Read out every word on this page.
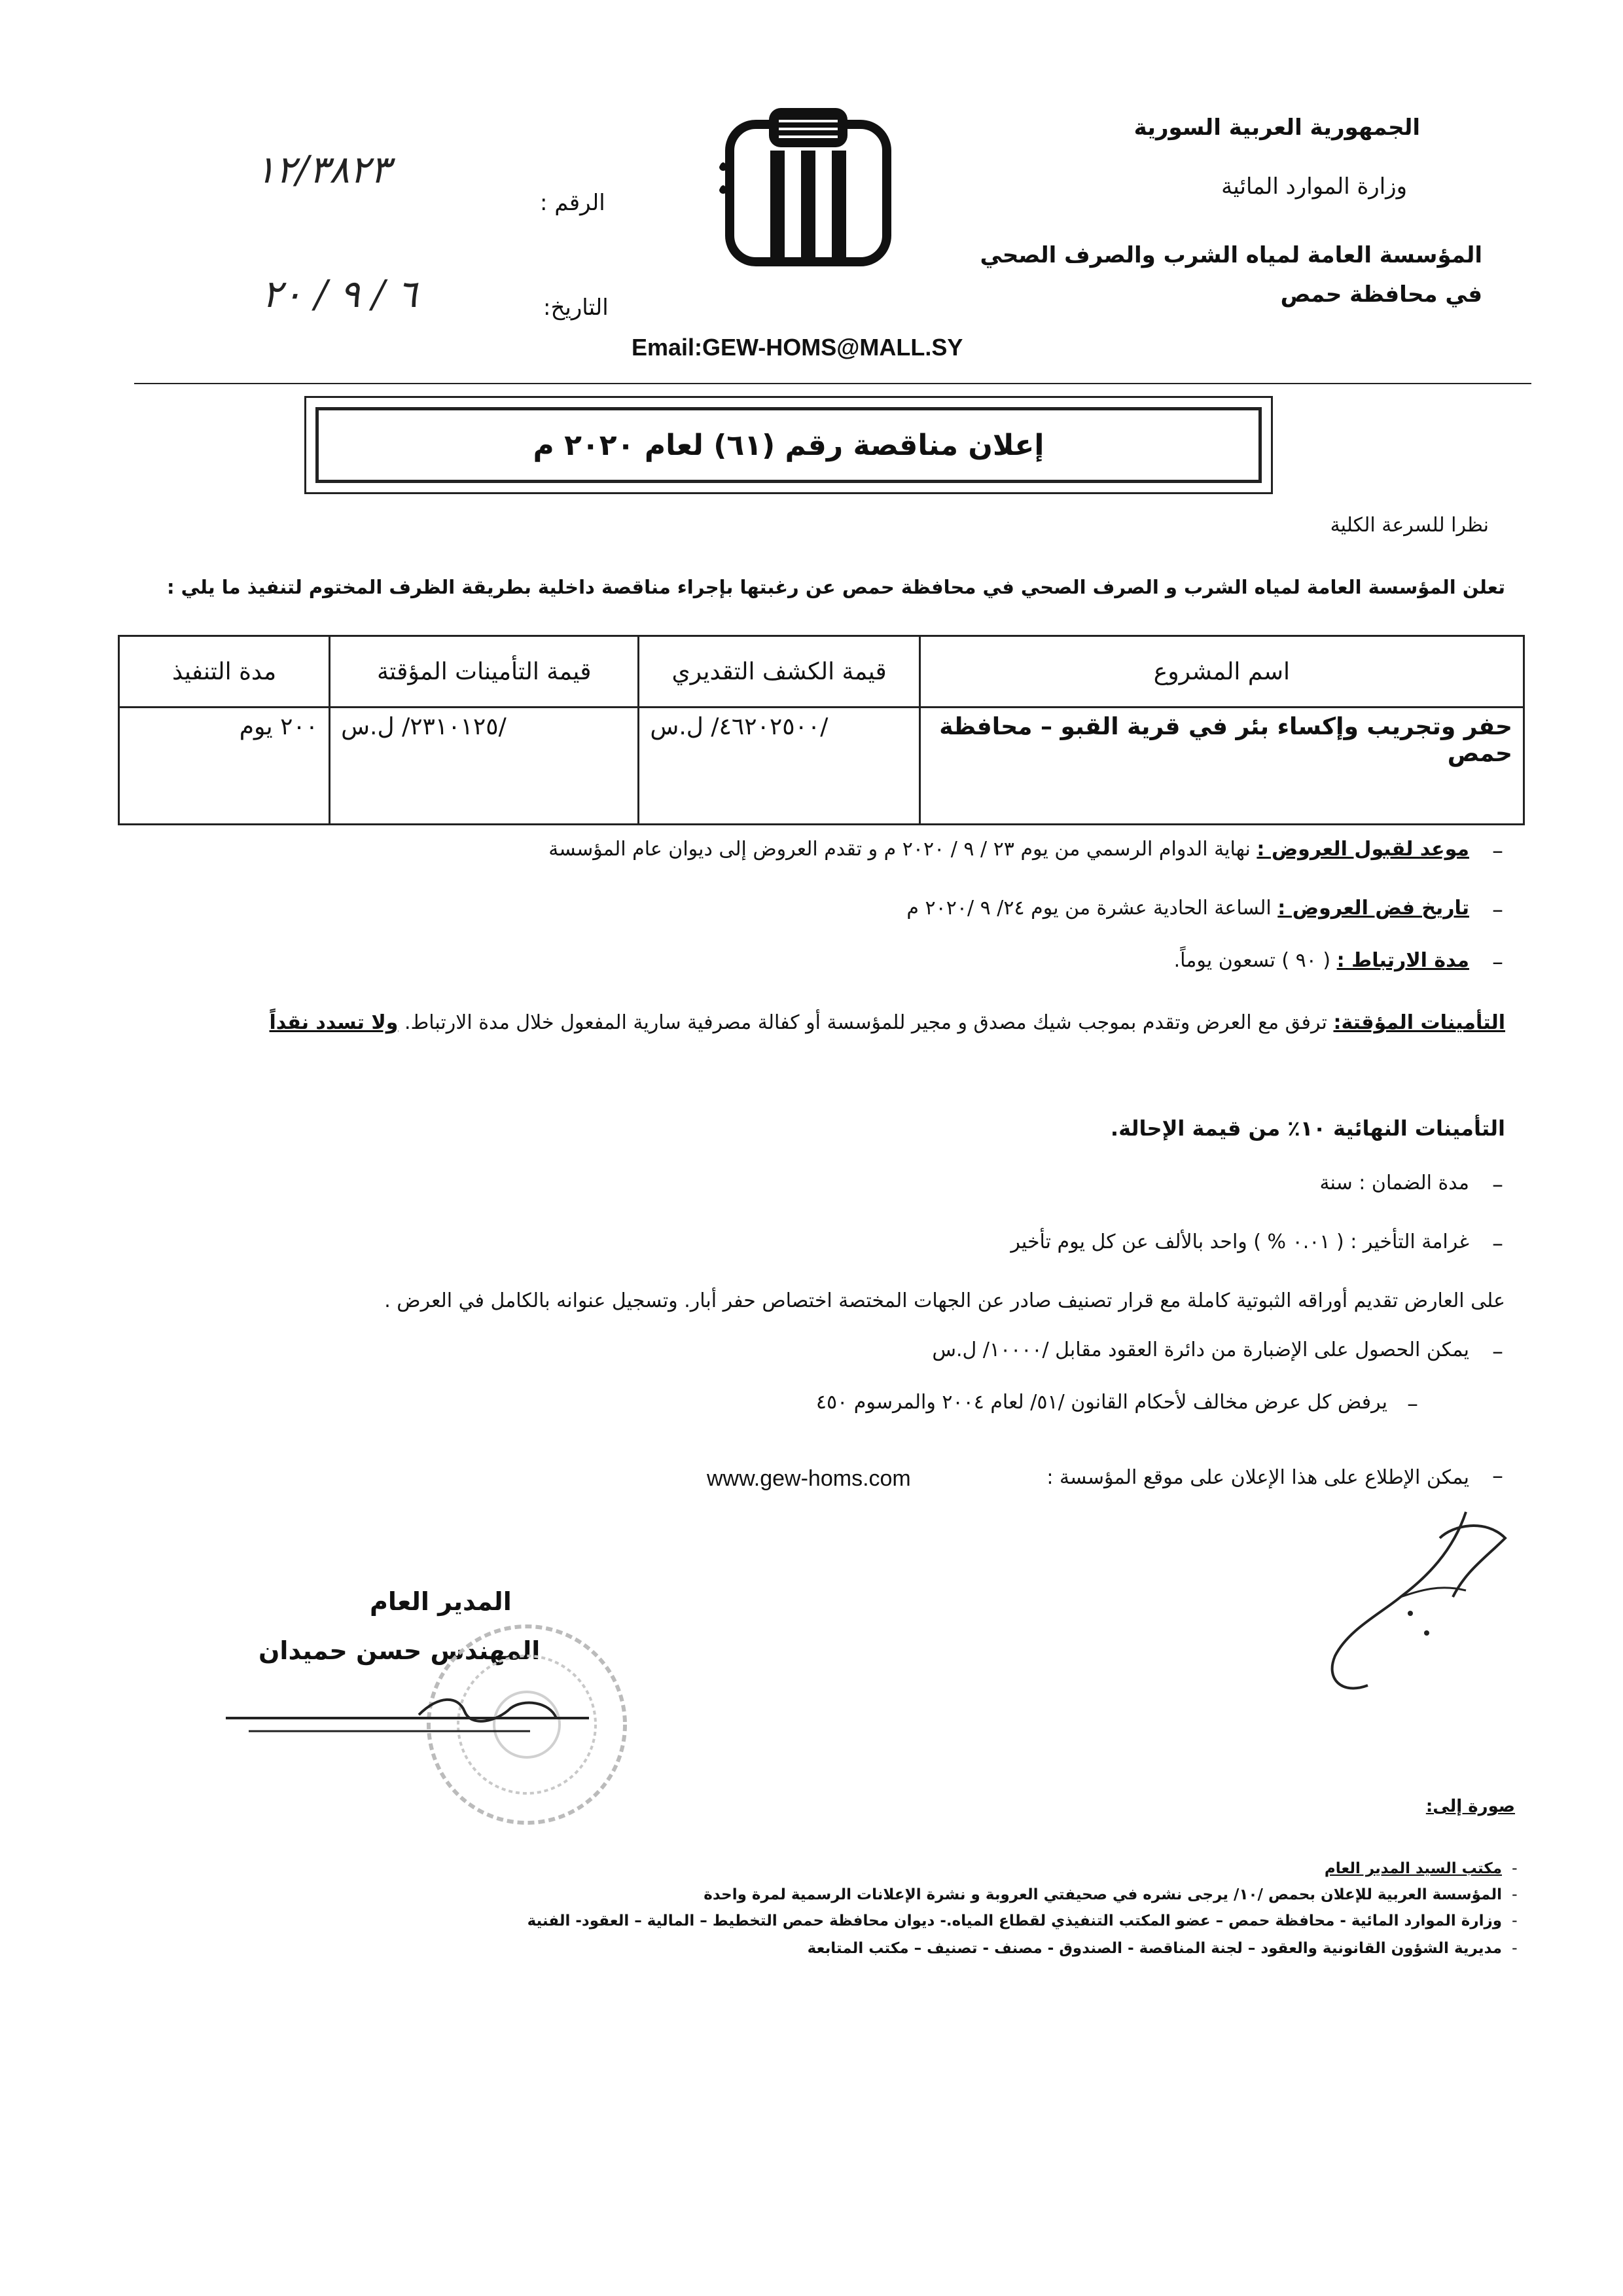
الجمهورية العربية السورية
وزارة الموارد المائية
المؤسسة العامة لمياه الشرب والصرف الصحي
في محافظة حمص
الرقم :
١٢/٣٨٢٣
التاريخ:
٦ / ٩ / ٢٠
Email:GEW-HOMS@MALL.SY
إعلان مناقصة رقم (٦١) لعام ٢٠٢٠ م
نظرا للسرعة الكلية
تعلن المؤسسة العامة لمياه الشرب و الصرف الصحي في محافظة حمص عن رغبتها بإجراء مناقصة داخلية بطريقة الظرف المختوم لتنفيذ ما يلي :
اسم المشروع	قيمة الكشف التقديري	قيمة التأمينات المؤقتة	مدة التنفيذ
حفر وتجريب وإكساء بئر في قرية القبو – محافظة حمص	/٤٦٢٠٢٥٠٠/ ل.س	/٢٣١٠١٢٥/ ل.س	٢٠٠ يوم
–
موعد لقبول العروض : نهاية الدوام الرسمي من يوم ٢٣ / ٩ / ٢٠٢٠ م و تقدم العروض إلى ديوان عام المؤسسة
–
تاريخ فض العروض : الساعة الحادية عشرة من يوم ٢٤/ ٩ /٢٠٢٠ م
–
مدة الارتباط : ( ٩٠ ) تسعون يوماً.
التأمينات المؤقتة: ترفق مع العرض وتقدم بموجب شيك مصدق و مجير للمؤسسة أو كفالة مصرفية سارية المفعول خلال مدة الارتباط. ولا تسدد نقداً
التأمينات النهائية ١٠٪ من قيمة الإحالة.
–
مدة الضمان : سنة
–
غرامة التأخير : ( ٠.٠١ % ) واحد بالألف عن كل يوم تأخير
على العارض تقديم أوراقه الثبوتية كاملة مع قرار تصنيف صادر عن الجهات المختصة اختصاص حفر أبار. وتسجيل عنوانه بالكامل في العرض .
–
يمكن الحصول على الإضبارة من دائرة العقود مقابل /١٠٠٠٠/ ل.س
–
يرفض كل عرض مخالف لأحكام القانون /٥١/ لعام ٢٠٠٤ والمرسوم ٤٥٠
–
يمكن الإطلاع على هذا الإعلان على موقع المؤسسة :
www.gew-homs.com
المدير العام
المهندس حسن حميدان
صورة إلى:
-
مكتب السيد المدير العام
-
المؤسسة العربية للإعلان بحمص /١٠/ يرجى نشره في صحيفتي العروبة و نشرة الإعلانات الرسمية لمرة واحدة
-
وزارة الموارد المائية - محافظة حمص – عضو المكتب التنفيذي لقطاع المياه.- ديوان محافظة حمص التخطيط – المالية – العقود- الفنية
-
مديرية الشؤون القانونية والعقود – لجنة المناقصة - الصندوق - مصنف - تصنيف – مكتب المتابعة
